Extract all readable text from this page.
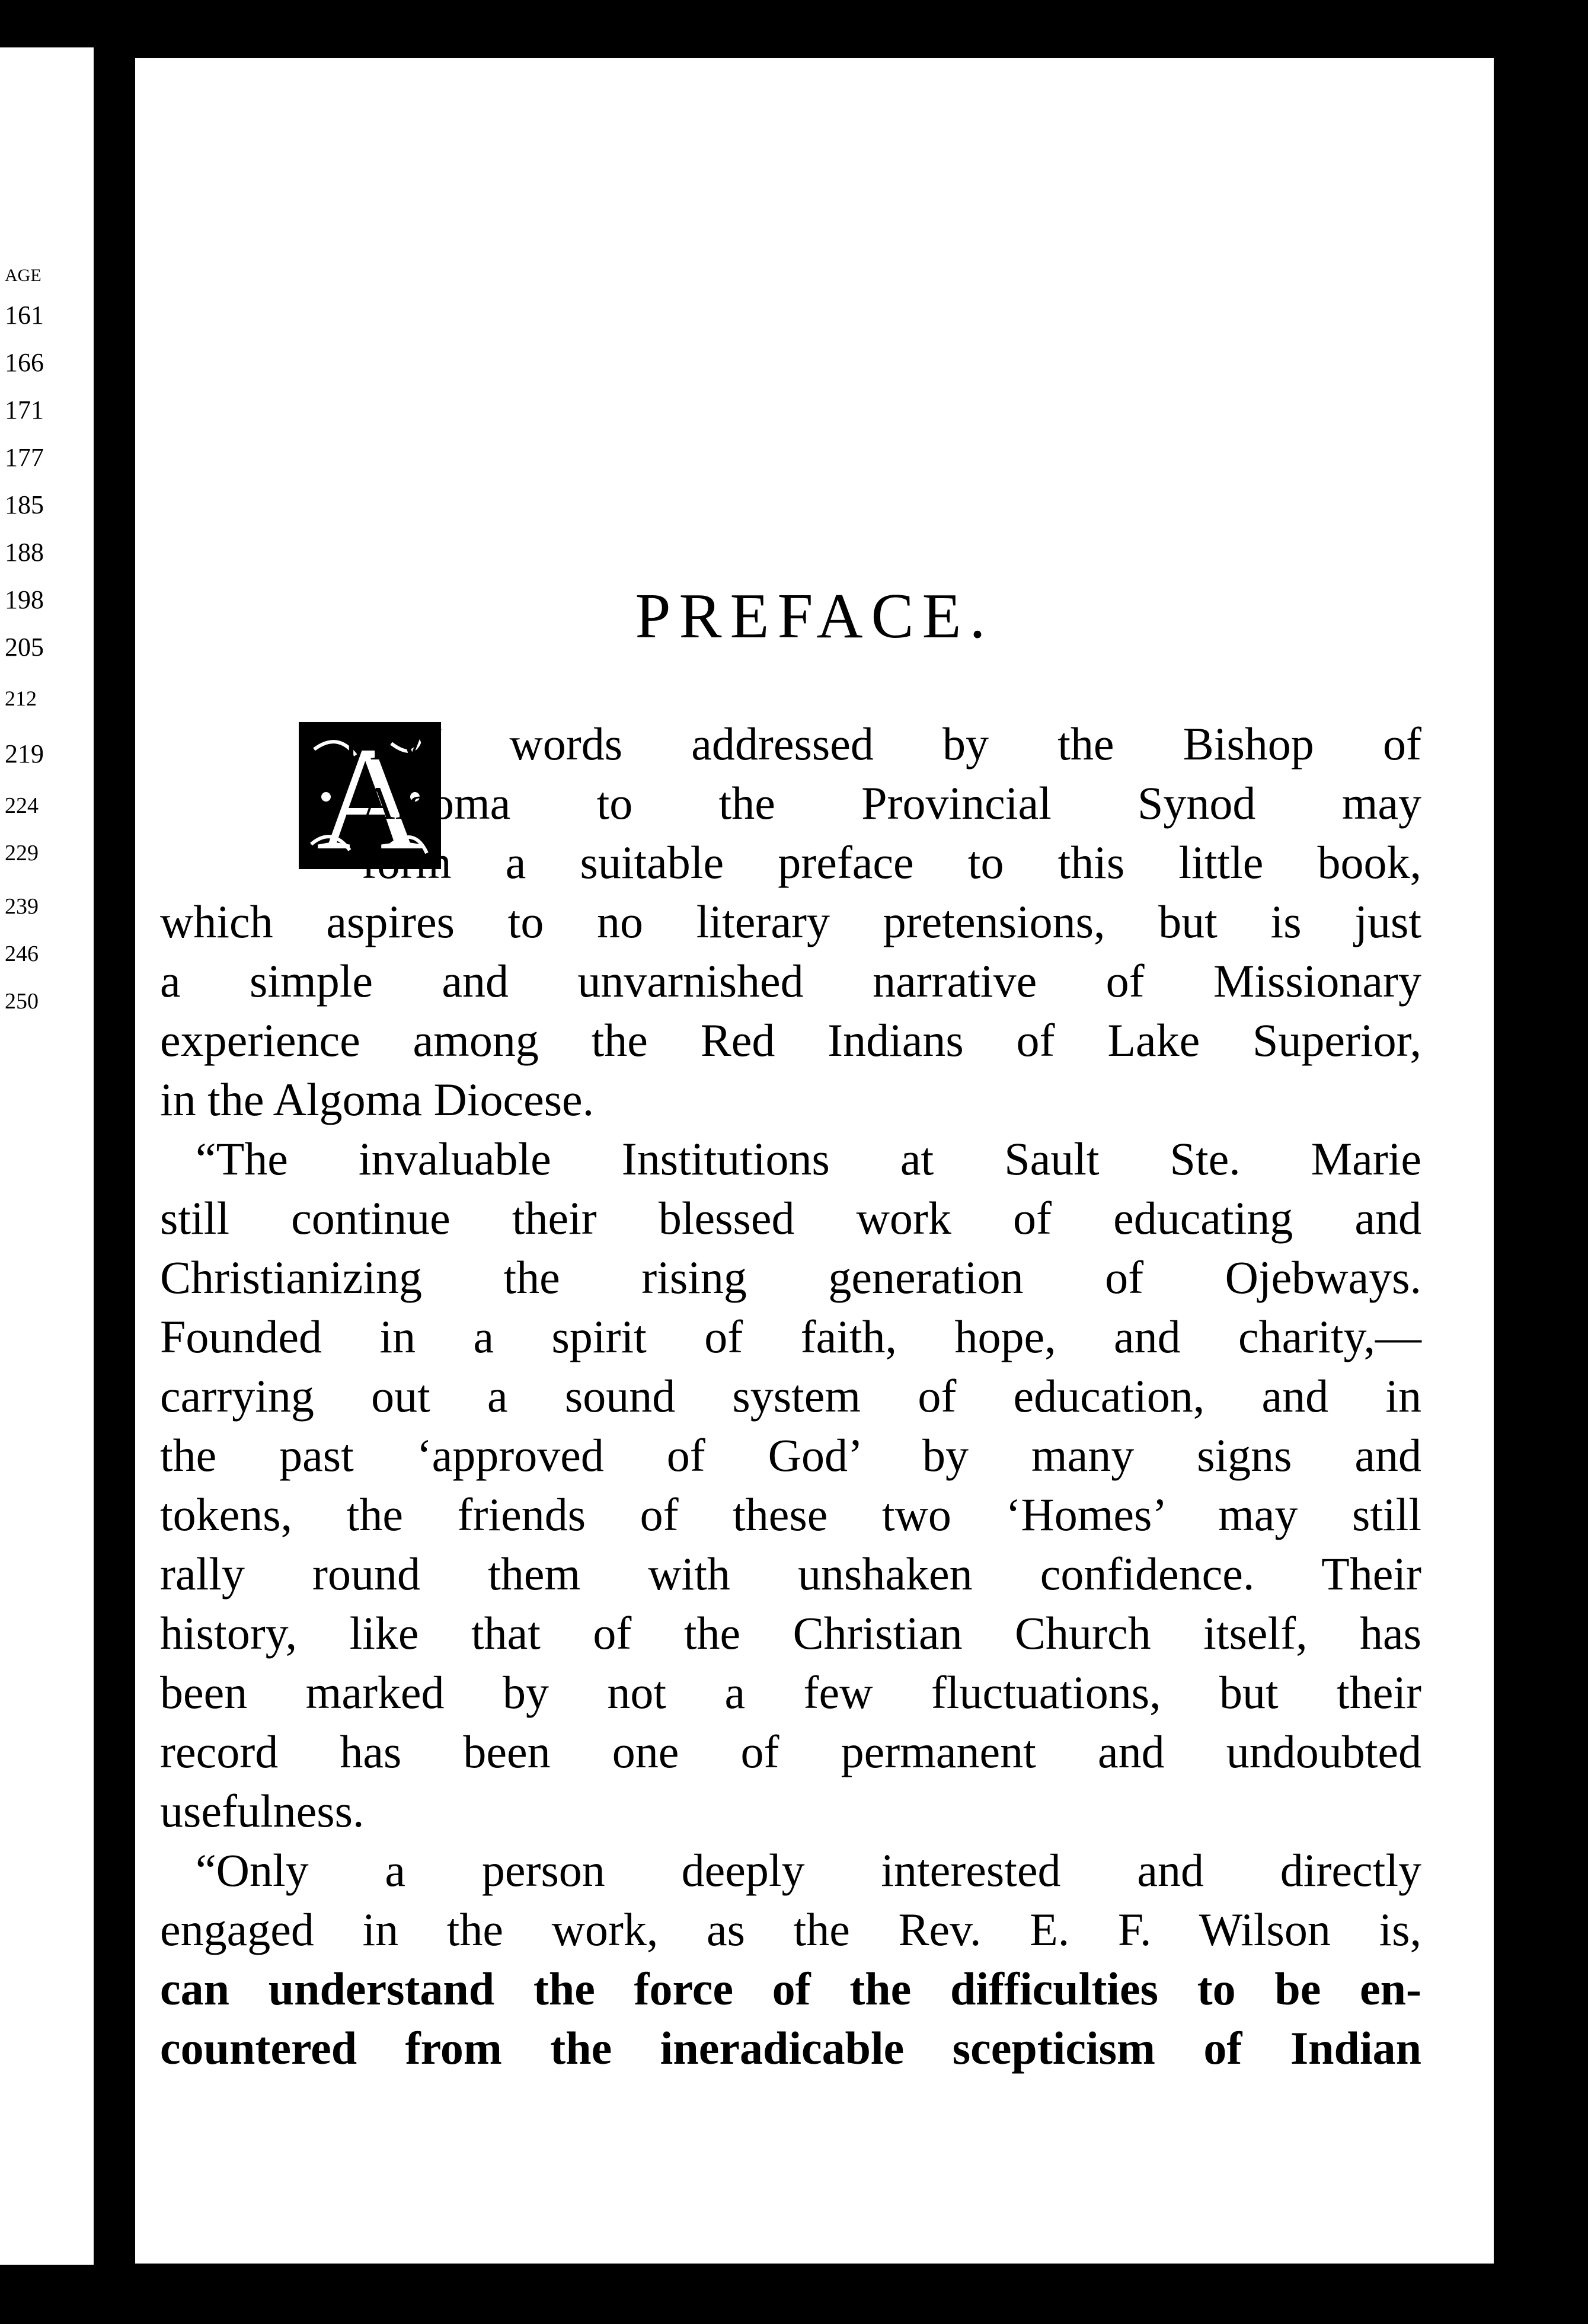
AGE
161
166
171
177
185
188
198
205
212
219
224
229
239
246
250
PREFACE.
A
FEW words addressed by the Bishop of
Algoma to the Provincial Synod may
form a suitable preface to this little book,
which aspires to no literary pretensions, but is just
a simple and unvarnished narrative of Missionary
experience among the Red Indians of Lake Superior,
in the Algoma Diocese.
“The invaluable Institutions at Sault Ste. Marie
still continue their blessed work of educating and
Christianizing the rising generation of Ojebways.
Founded in a spirit of faith, hope, and charity,—
carrying out a sound system of education, and in
the past ‘approved of God’ by many signs and
tokens, the friends of these two ‘Homes’ may still
rally round them with unshaken confidence. Their
history, like that of the Christian Church itself, has
been marked by not a few fluctuations, but their
record has been one of permanent and undoubted
usefulness.
“Only a person deeply interested and directly
engaged in the work, as the Rev. E. F. Wilson is,
can understand the force of the difficulties to be en-
countered from the ineradicable scepticism of Indian
